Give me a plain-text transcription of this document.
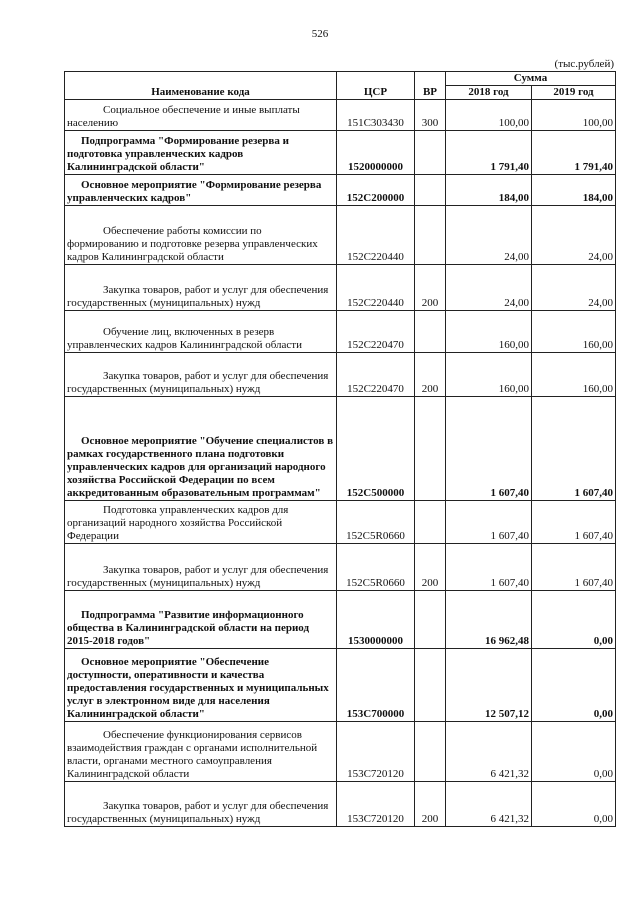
526
(тыс.рублей)
Наименование кода	ЦСР	ВР	Сумма	
			2018 год	2019 год
Социальное обеспечение и иные выплаты населению	151С303430	300	100,00	100,00
Подпрограмма "Формирование резерва и подготовка управленческих кадров Калининградской области"	1520000000		1 791,40	1 791,40
Основное мероприятие "Формирование резерва управленческих кадров"	152С200000		184,00	184,00
Обеспечение работы комиссии по формированию и подготовке резерва управленческих кадров Калининградской области	152С220440		24,00	24,00
Закупка товаров, работ и услуг для обеспечения государственных (муниципальных) нужд	152С220440	200	24,00	24,00
Обучение лиц, включенных в резерв управленческих кадров Калининградской области	152С220470		160,00	160,00
Закупка товаров, работ и услуг для обеспечения государственных (муниципальных) нужд	152С220470	200	160,00	160,00
Основное мероприятие "Обучение специалистов в рамках государственного плана подготовки управленческих кадров для организаций народного хозяйства Российской Федерации по всем аккредитованным образовательным программам"	152С500000		1 607,40	1 607,40
Подготовка управленческих кадров для организаций народного хозяйства Российской Федерации	152С5R0660		1 607,40	1 607,40
Закупка товаров, работ и услуг для обеспечения государственных (муниципальных) нужд	152С5R0660	200	1 607,40	1 607,40
Подпрограмма "Развитие информационного общества в Калининградской области на период 2015-2018 годов"	1530000000		16 962,48	0,00
Основное мероприятие "Обеспечение доступности, оперативности и качества предоставления государственных и муниципальных услуг в электронном виде для населения Калининградской области"	153С700000		12 507,12	0,00
Обеспечение функционирования сервисов взаимодействия граждан с органами исполнительной власти, органами местного самоуправления Калининградской области	153С720120		6 421,32	0,00
Закупка товаров, работ и услуг для обеспечения государственных (муниципальных) нужд	153С720120	200	6 421,32	0,00
